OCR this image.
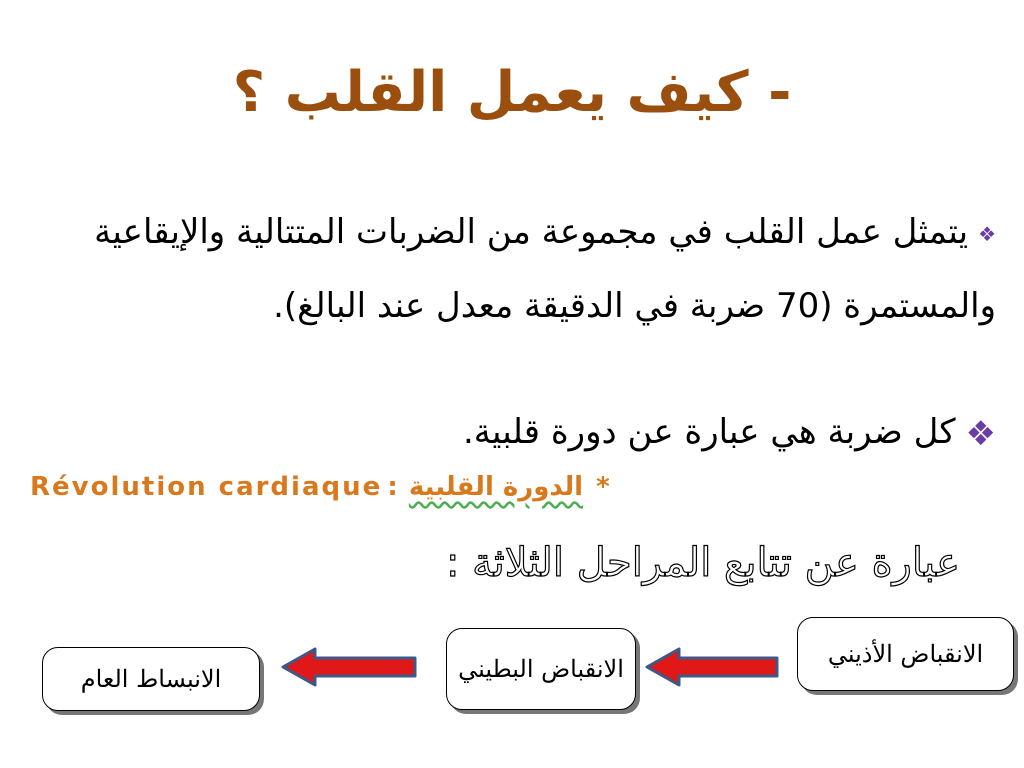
- كيف يعمل القلب ؟
❖يتمثل عمل القلب في مجموعة من الضربات المتتالية والإيقاعية والمستمرة (70 ضربة في الدقيقة معدل عند البالغ).
❖كل ضربة هي عبارة عن دورة قلبية.
Révolution cardiaque : الدورة القلبية *
عبارة عن تتابع المراحل الثلاثة :
الانقباض الأذيني
الانقباض البطيني
الانبساط العام
